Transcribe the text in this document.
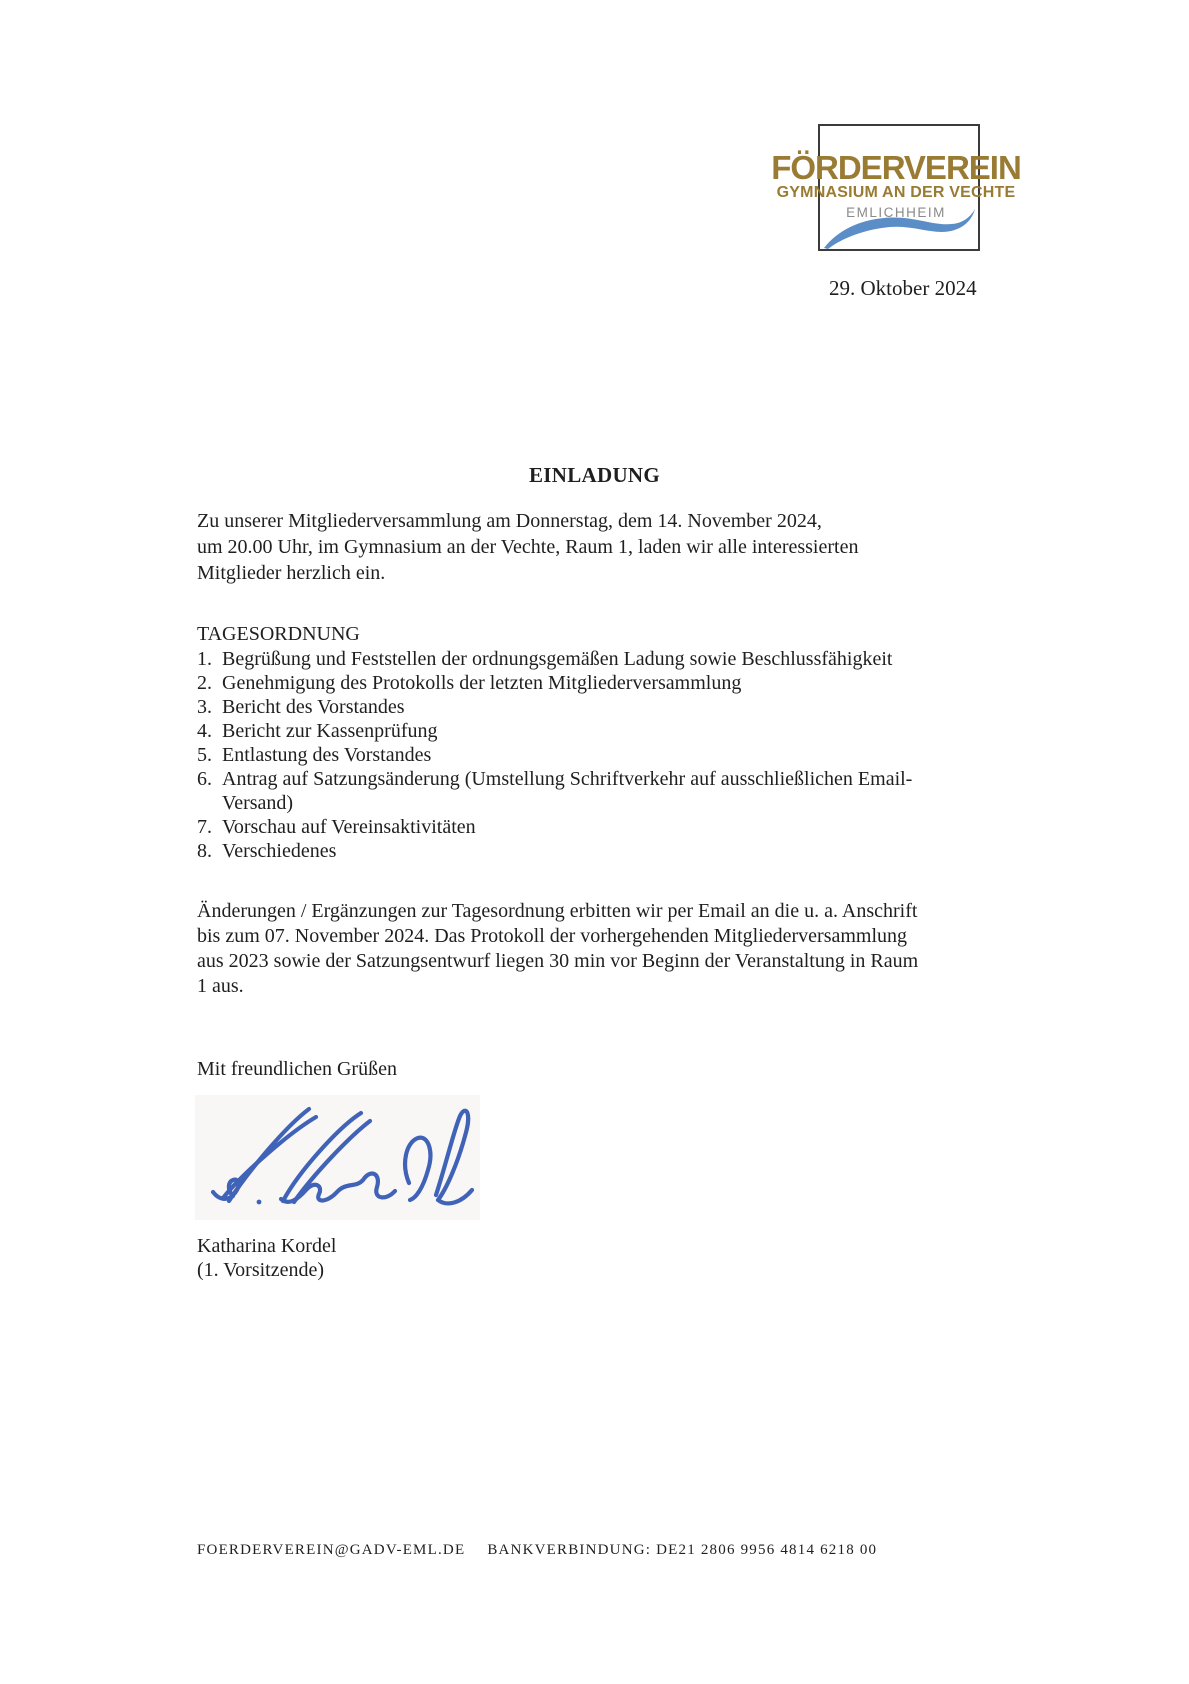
FÖRDERVEREIN
GYMNASIUM AN DER VECHTE
EMLICHHEIM
29. Oktober 2024
EINLADUNG
Zu unserer Mitgliederversammlung am Donnerstag, dem 14. November 2024,
um 20.00 Uhr, im Gymnasium an der Vechte, Raum 1, laden wir alle interessierten
Mitglieder herzlich ein.
TAGESORDNUNG
1. Begrüßung und Feststellen der ordnungsgemäßen Ladung sowie Beschlussfähigkeit
2. Genehmigung des Protokolls der letzten Mitgliederversammlung
3. Bericht des Vorstandes
4. Bericht zur Kassenprüfung
5. Entlastung des Vorstandes
6. Antrag auf Satzungsänderung (Umstellung Schriftverkehr auf ausschließlichen Email-
Versand)
7. Vorschau auf Vereinsaktivitäten
8. Verschiedenes
Änderungen / Ergänzungen zur Tagesordnung erbitten wir per Email an die u. a. Anschrift
bis zum 07. November 2024. Das Protokoll der vorhergehenden Mitgliederversammlung
aus 2023 sowie der Satzungsentwurf liegen 30 min vor Beginn der Veranstaltung in Raum
1 aus.
Mit freundlichen Grüßen
Katharina Kordel
(1. Vorsitzende)
FOERDERVEREIN@GADV-EML.DE BANKVERBINDUNG: DE21 2806 9956 4814 6218 00
